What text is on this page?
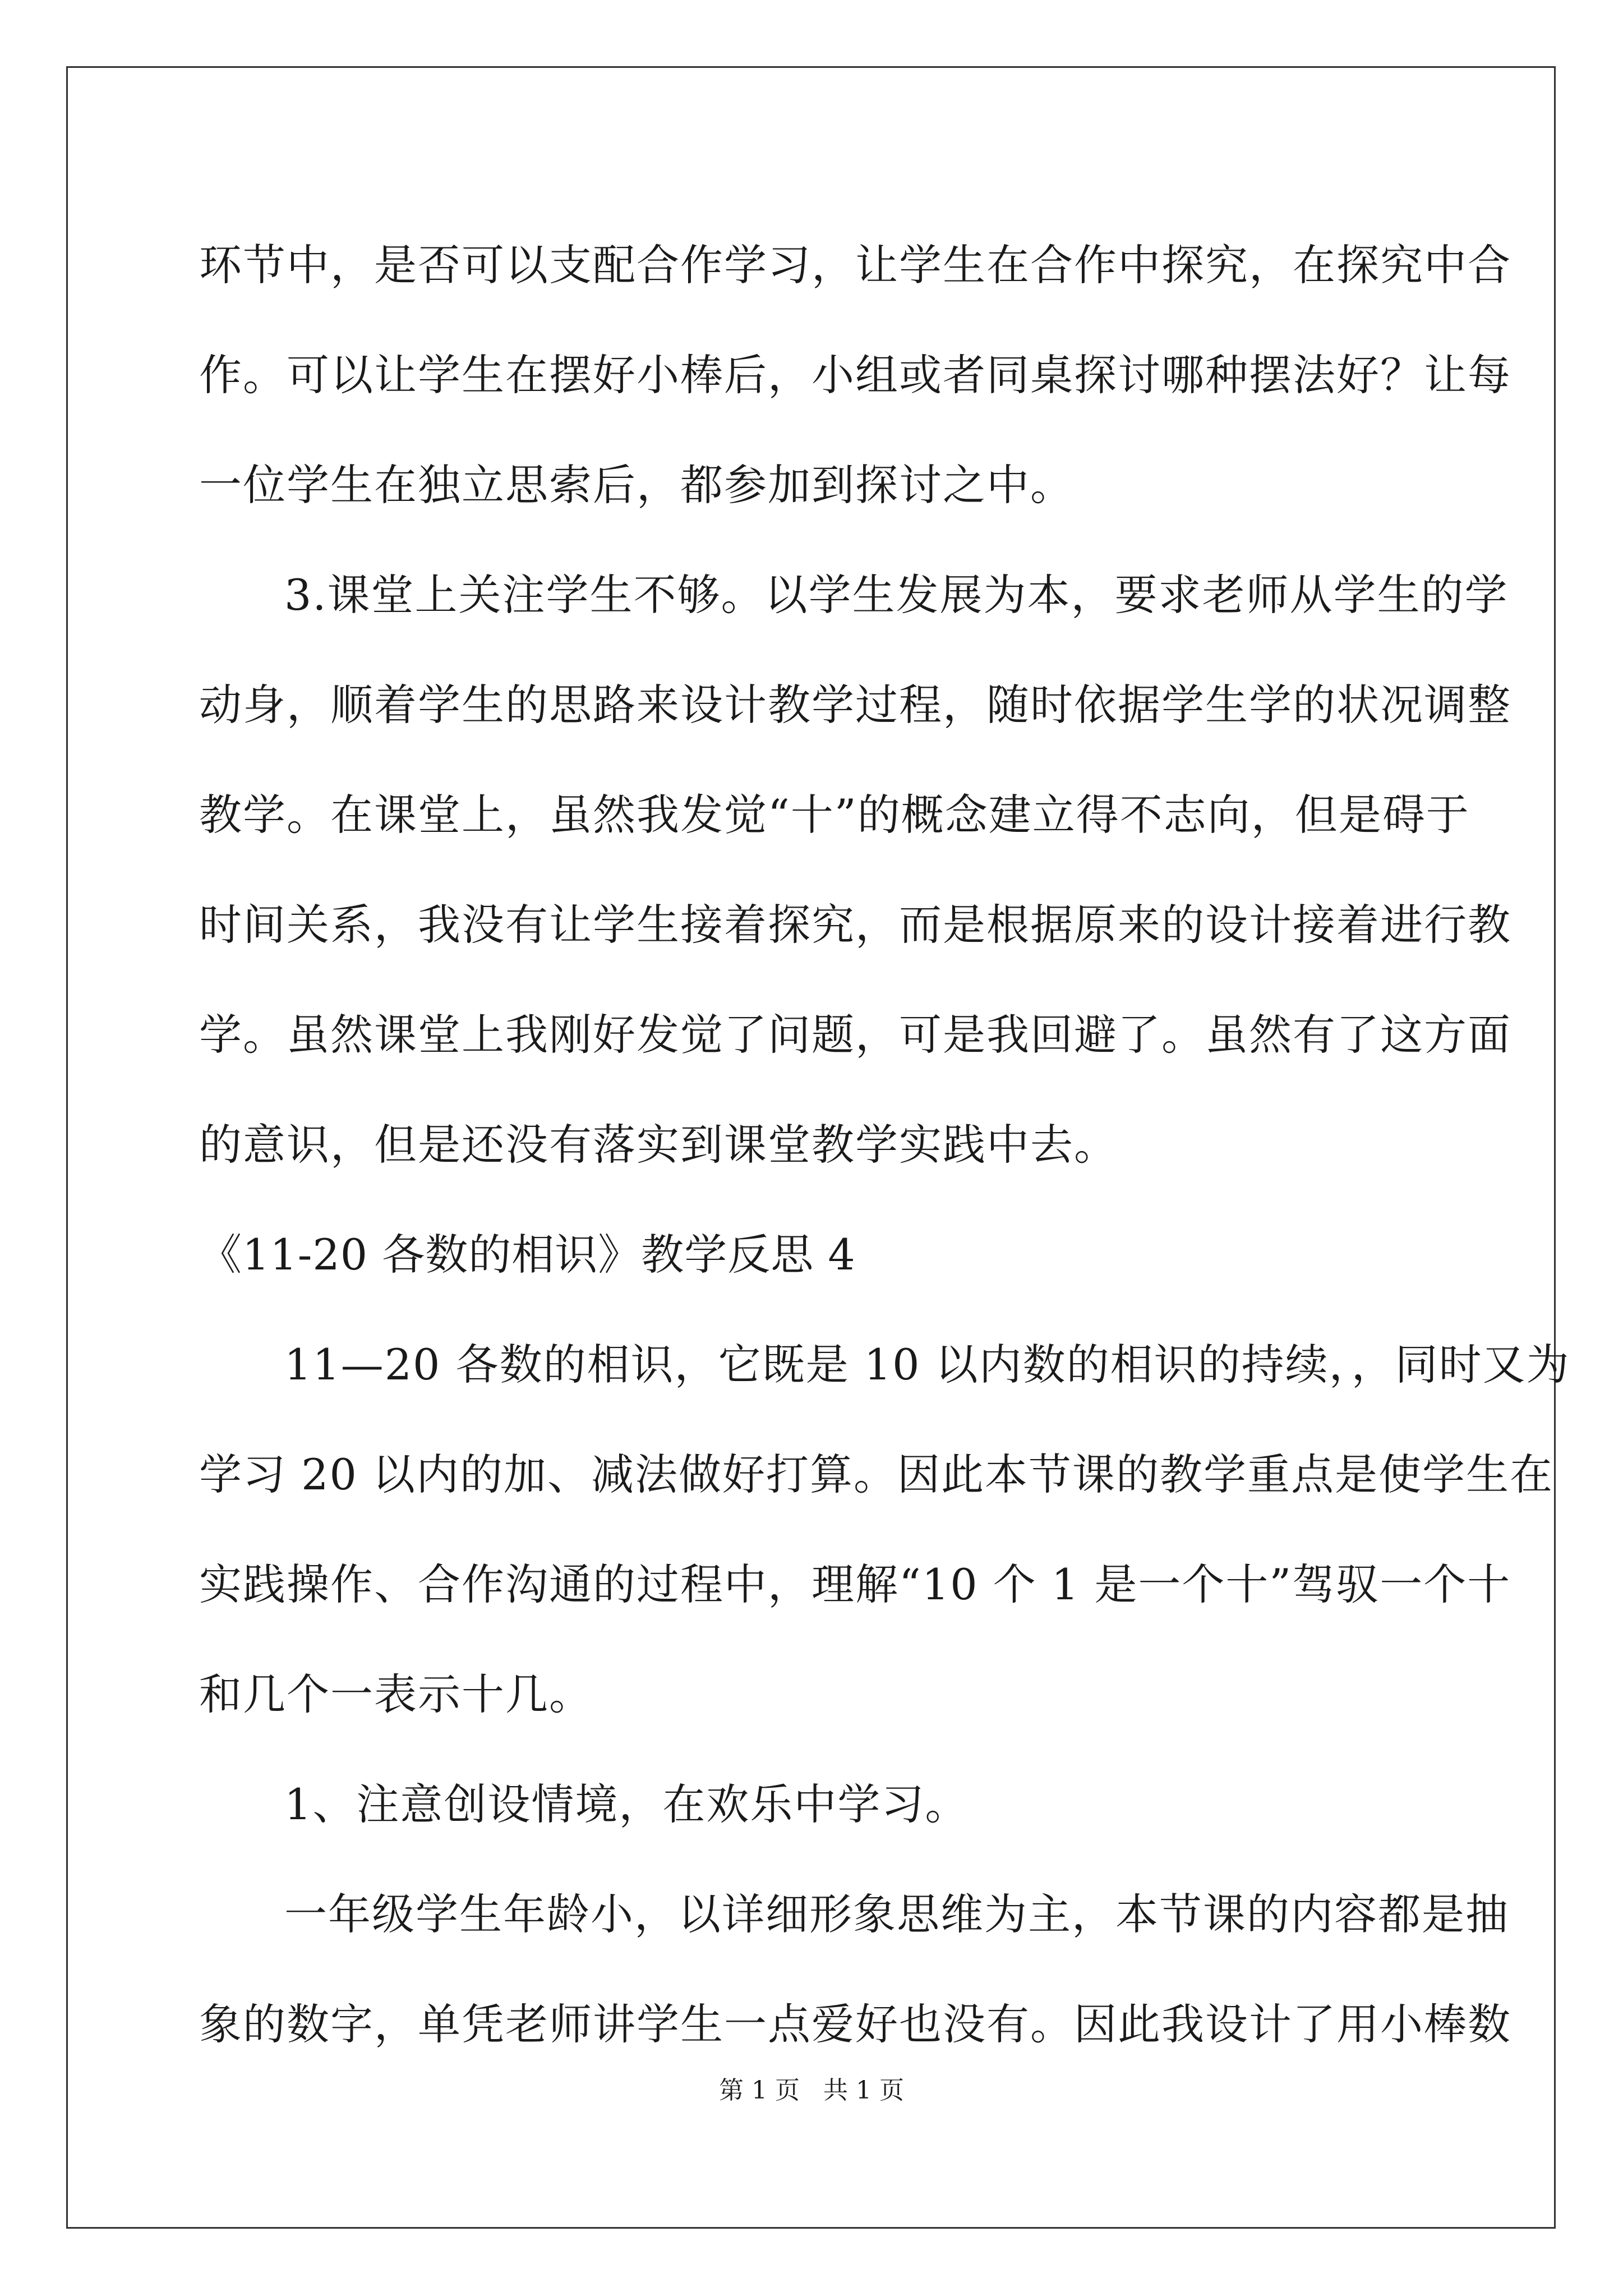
环节中，是否可以支配合作学习，让学生在合作中探究，在探究中合

作。可以让学生在摆好小棒后，小组或者同桌探讨哪种摆法好？让每

一位学生在独立思索后，都参加到探讨之中。

3.课堂上关注学生不够。以学生发展为本，要求老师从学生的学

动身，顺着学生的思路来设计教学过程，随时依据学生学的状况调整

教学。在课堂上，虽然我发觉“十”的概念建立得不志向，但是碍于

时间关系，我没有让学生接着探究，而是根据原来的设计接着进行教

学。虽然课堂上我刚好发觉了问题，可是我回避了。虽然有了这方面

的意识，但是还没有落实到课堂教学实践中去。

《11-20 各数的相识》教学反思 4

11—20 各数的相识，它既是 10 以内数的相识的持续，，同时又为

学习 20 以内的加、减法做好打算。因此本节课的教学重点是使学生在

实践操作、合作沟通的过程中，理解“10 个 1 是一个十”驾驭一个十

和几个一表示十几。

1、注意创设情境，在欢乐中学习。

一年级学生年龄小，以详细形象思维为主，本节课的内容都是抽

象的数字，单凭老师讲学生一点爱好也没有。因此我设计了用小棒数

第 1 页   共 1 页
